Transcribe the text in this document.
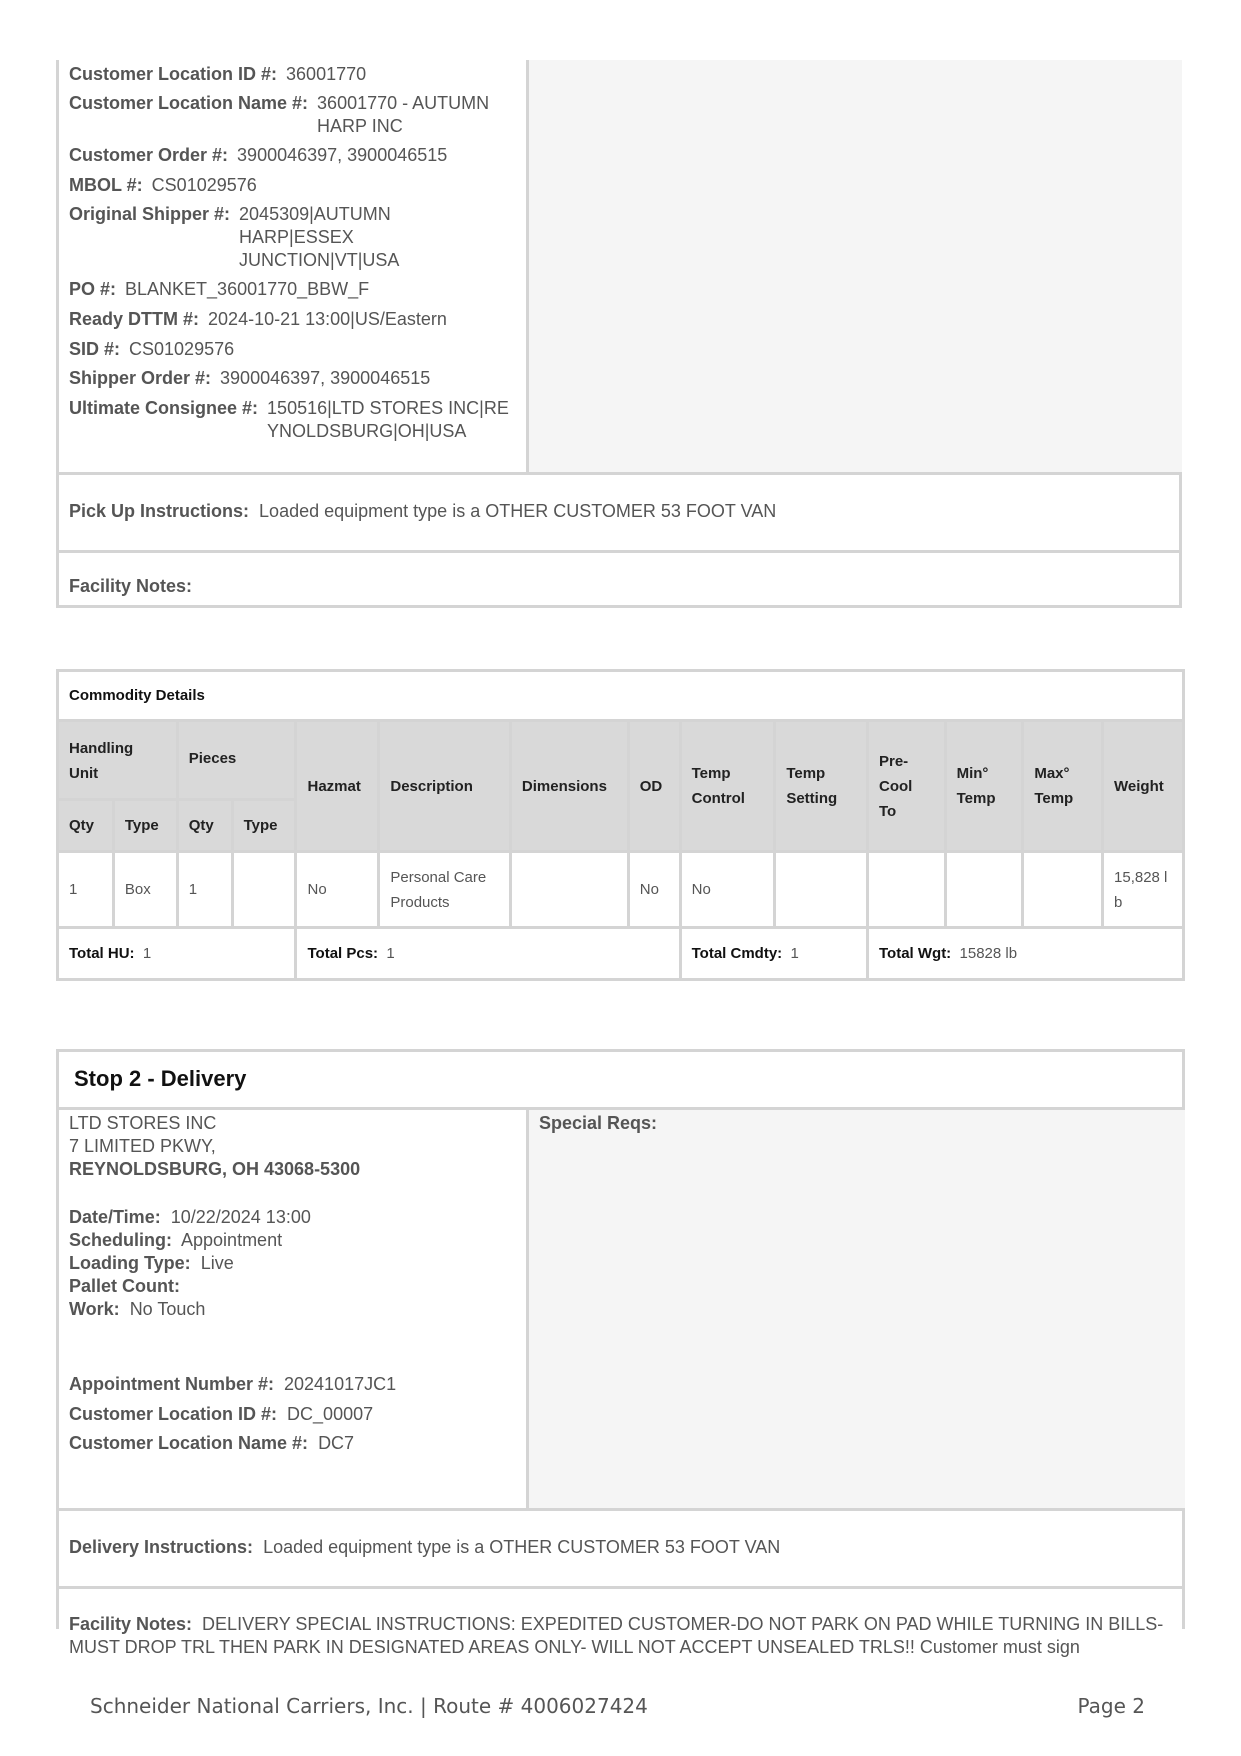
Customer Location ID #: 36001770
Customer Location Name #: 36001770 - AUTUMN HARP INC
Customer Order #: 3900046397, 3900046515
MBOL #: CS01029576
Original Shipper #: 2045309|AUTUMN HARP|ESSEX JUNCTION|VT|USA
PO #: BLANKET_36001770_BBW_F
Ready DTTM #: 2024-10-21 13:00|US/Eastern
SID #: CS01029576
Shipper Order #: 3900046397, 3900046515
Ultimate Consignee #: 150516|LTD STORES INC|REYNOLDSBURG|OH|USA
Pick Up Instructions: Loaded equipment type is a OTHER CUSTOMER 53 FOOT VAN
Facility Notes:
Commodity Details													
Handling Unit		Pieces		Hazmat	Description	Dimensions	OD	Temp Control	Temp Setting	Pre-Cool To	Min° Temp	Max° Temp	Weight
Qty	Type	Qty	Type										
1	Box	1		No	Personal Care Products		No	No					15,828 lb
Total HU: 1				Total Pcs: 1				Total Cmdty: 1		Total Wgt: 15828 lb			
Stop 2 - Delivery
LTD STORES INC
7 LIMITED PKWY,
REYNOLDSBURG, OH 43068-5300
Date/Time: 10/22/2024 13:00
Scheduling: Appointment
Loading Type: Live
Pallet Count:
Work: No Touch
Appointment Number #: 20241017JC1
Customer Location ID #: DC_00007
Customer Location Name #: DC7
Special Reqs:
Delivery Instructions: Loaded equipment type is a OTHER CUSTOMER 53 FOOT VAN
Facility Notes: DELIVERY SPECIAL INSTRUCTIONS: EXPEDITED CUSTOMER-DO NOT PARK ON PAD WHILE TURNING IN BILLS-MUST DROP TRL THEN PARK IN DESIGNATED AREAS ONLY- WILL NOT ACCEPT UNSEALED TRLS!! Customer must sign
Schneider National Carriers, Inc. | Route # 4006027424	Page 2
